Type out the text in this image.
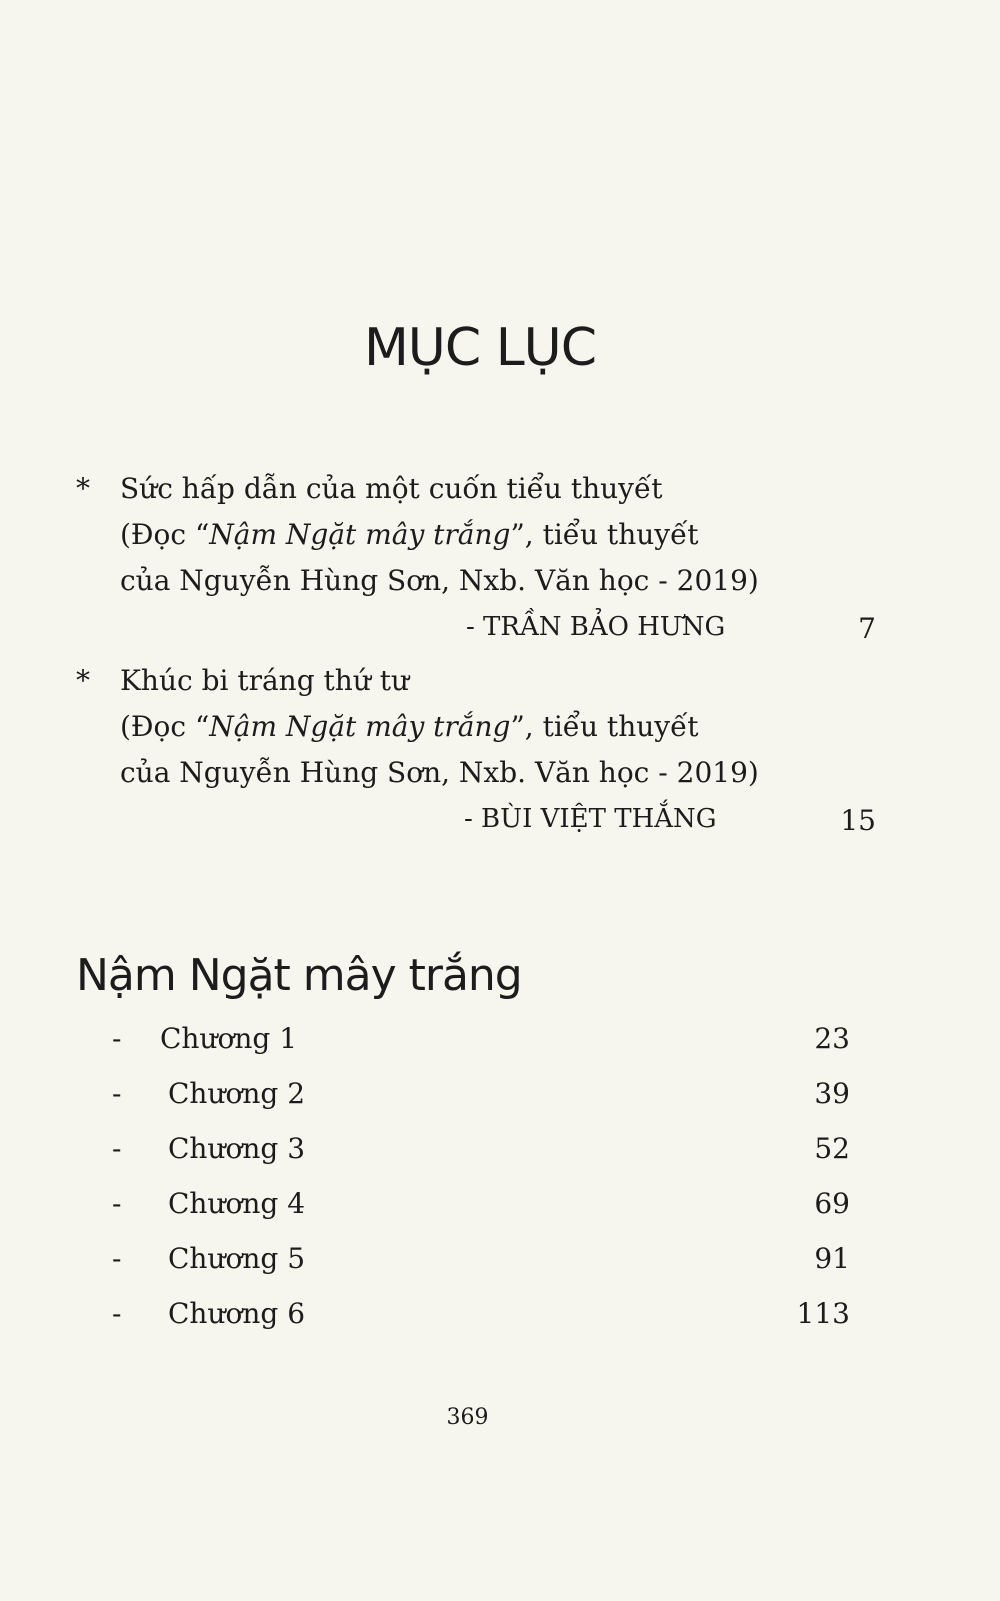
MỤC LỤC
* Sức hấp dẫn của một cuốn tiểu thuyết
(Đọc “Nậm Ngặt mây trắng”, tiểu thuyết
của Nguyễn Hùng Sơn, Nxb. Văn học - 2019)
- TRẦN BẢO HƯNG	7
* Khúc bi tráng thứ tư
(Đọc “Nậm Ngặt mây trắng”, tiểu thuyết
của Nguyễn Hùng Sơn, Nxb. Văn học - 2019)
- BÙI VIỆT THẮNG	15
Nậm Ngặt mây trắng
- Chương 1	23
- Chương 2	39
- Chương 3	52
- Chương 4	69
- Chương 5	91
- Chương 6	113
369
